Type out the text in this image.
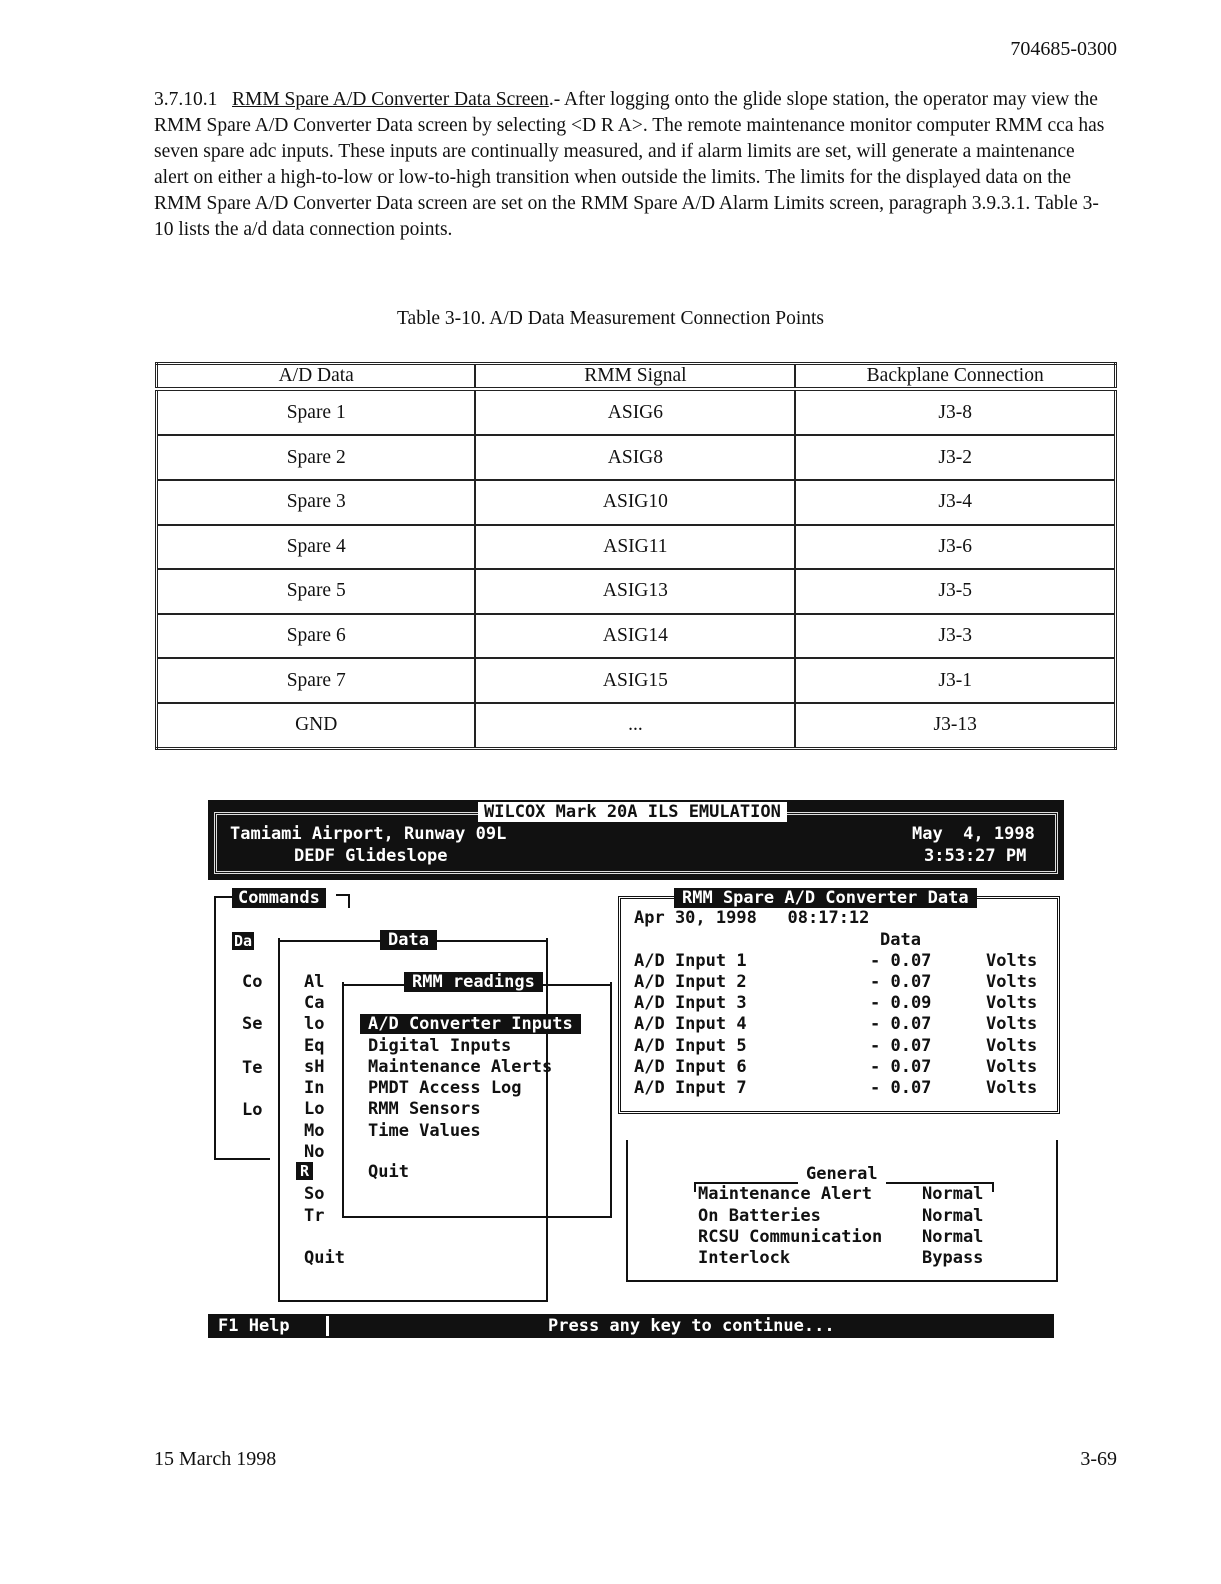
704685-0300
3.7.10.1 RMM Spare A/D Converter Data Screen.- After logging onto the glide slope station, the operator may view the RMM Spare A/D Converter Data screen by selecting <D R A>. The remote maintenance monitor computer RMM cca has seven spare adc inputs. These inputs are continually measured, and if alarm limits are set, will generate a maintenance alert on either a high-to-low or low-to-high transition when outside the limits. The limits for the displayed data on the RMM Spare A/D Converter Data screen are set on the RMM Spare A/D Alarm Limits screen, paragraph 3.9.3.1. Table 3-10 lists the a/d data connection points.
Table 3-10. A/D Data Measurement Connection Points
A/D Data	RMM Signal	Backplane Connection
Spare 1	ASIG6	J3-8
Spare 2	ASIG8	J3-2
Spare 3	ASIG10	J3-4
Spare 4	ASIG11	J3-6
Spare 5	ASIG13	J3-5
Spare 6	ASIG14	J3-3
Spare 7	ASIG15	J3-1
GND	...	J3-13
WILCOX Mark 20A ILS EMULATION
Tamiami Airport, Runway 09L
DEDF Glideslope
May  4, 1998
3:53:27 PM
Commands
Da
Co
Se
Te
Lo
Data
Al
Ca
lo
Eq
sH
In
Lo
Mo
No
R
So
Tr
Quit
RMM readings
A/D Converter Inputs
Digital Inputs
Maintenance Alerts
PMDT Access Log
RMM Sensors
Time Values
Quit
RMM Spare A/D Converter Data
Apr 30, 1998   08:17:12
Data
A/D Input 1	- 0.07	Volts
A/D Input 2	- 0.07	Volts
A/D Input 3	- 0.09	Volts
A/D Input 4	- 0.07	Volts
A/D Input 5	- 0.07	Volts
A/D Input 6	- 0.07	Volts
A/D Input 7	- 0.07	Volts
General
Maintenance Alert	Normal
On Batteries	Normal
RCSU Communication Normal
Interlock	Bypass
F1 Help	Press any key to continue...
15 March 1998	3-69
